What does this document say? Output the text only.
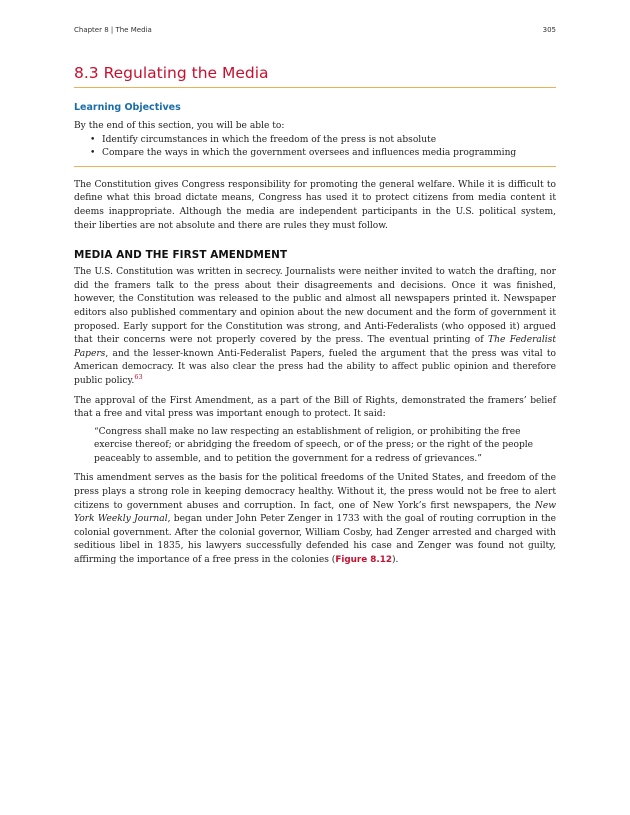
Chapter 8 | The Media	305
8.3 Regulating the Media
Learning Objectives

By the end of this section, you will be able to:

• Identify circumstances in which the freedom of the press is not absolute
• Compare the ways in which the government oversees and influences media programming

The Constitution gives Congress responsibility for promoting the general welfare. While it is difficult to define what this broad dictate means, Congress has used it to protect citizens from media content it deems inappropriate. Although the media are independent participants in the U.S. political system, their liberties are not absolute and there are rules they must follow.

MEDIA AND THE FIRST AMENDMENT

The U.S. Constitution was written in secrecy. Journalists were neither invited to watch the drafting, nor did the framers talk to the press about their disagreements and decisions. Once it was finished, however, the Constitution was released to the public and almost all newspapers printed it. Newspaper editors also published commentary and opinion about the new document and the form of government it proposed. Early support for the Constitution was strong, and Anti-Federalists (who opposed it) argued that their concerns were not properly covered by the press. The eventual printing of The Federalist Papers, and the lesser-known Anti-Federalist Papers, fueled the argument that the press was vital to American democracy. It was also clear the press had the ability to affect public opinion and therefore public policy.$^{63}$

The approval of the First Amendment, as a part of the Bill of Rights, demonstrated the framers’ belief that a free and vital press was important enough to protect. It said:

“Congress shall make no law respecting an establishment of religion, or prohibiting the free exercise thereof; or abridging the freedom of speech, or of the press; or the right of the people peaceably to assemble, and to petition the government for a redress of grievances.”

This amendment serves as the basis for the political freedoms of the United States, and freedom of the press plays a strong role in keeping democracy healthy. Without it, the press would not be free to alert citizens to government abuses and corruption. In fact, one of New York’s first newspapers, the New York Weekly Journal, began under John Peter Zenger in 1733 with the goal of routing corruption in the colonial government. After the colonial governor, William Cosby, had Zenger arrested and charged with seditious libel in 1835, his lawyers successfully defended his case and Zenger was found not guilty, affirming the importance of a free press in the colonies (Figure 8.12).
